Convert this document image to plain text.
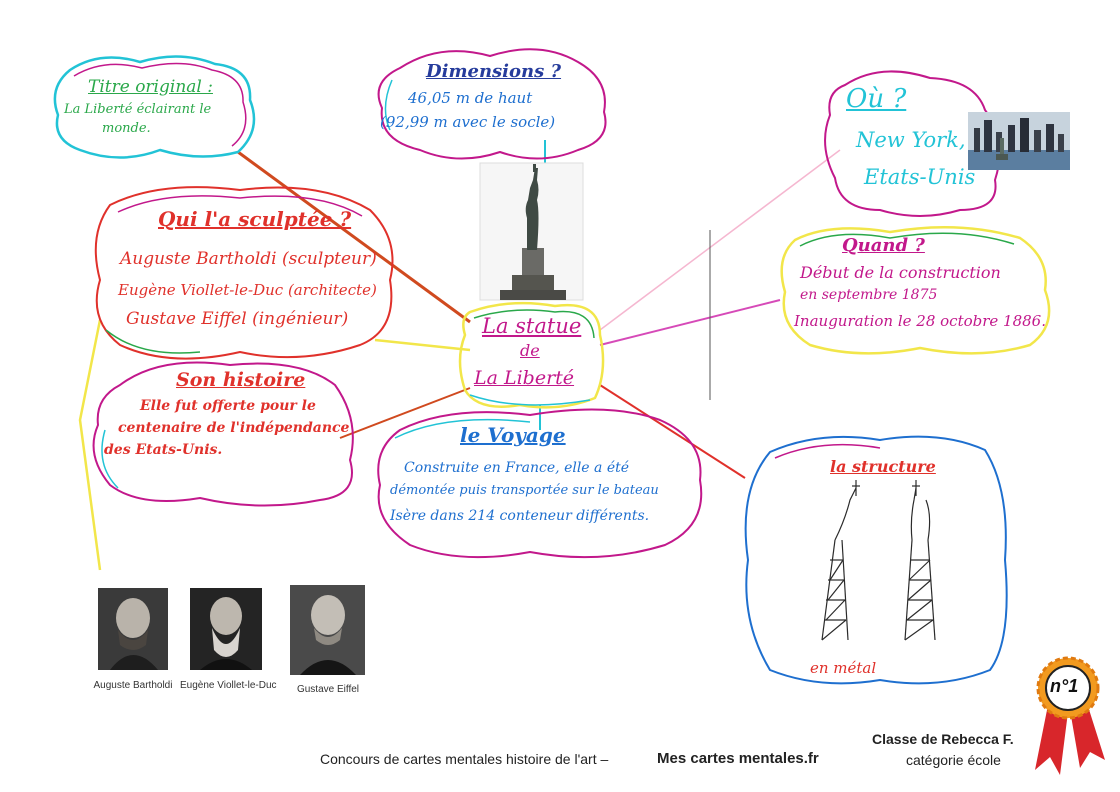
Titre original :
La Liberté éclairant le
monde.
Dimensions ?
46,05 m de haut
(92,99 m avec le socle)
Où ?
New York,
Etats-Unis
Qui l'a sculptée ?
Auguste Bartholdi (sculpteur)
Eugène Viollet-le-Duc (architecte)
Gustave Eiffel (ingénieur)
Quand ?
Début de la construction
en septembre 1875
Inauguration le 28 octobre 1886.
La statue
de
La Liberté
Son histoire
Elle fut offerte pour le
centenaire de l'indépendance
des Etats-Unis.
le Voyage
Construite en France, elle a été
démontée puis transportée sur le bateau
Isère dans 214 conteneur différents.
la structure
en métal
Auguste Bartholdi Eugène Viollet-le-Duc	Gustave Eiffel
Concours de cartes mentales histoire de l'art –	Mes cartes mentales.fr
Classe de Rebecca F.
catégorie école
n°1
